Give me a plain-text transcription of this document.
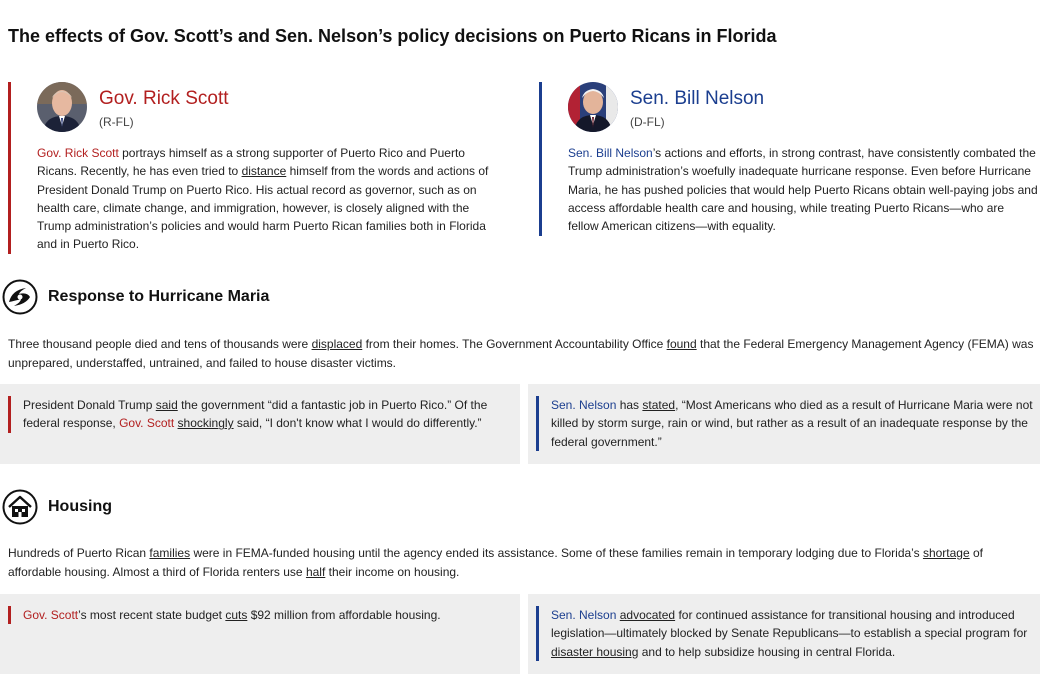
The effects of Gov. Scott’s and Sen. Nelson’s policy decisions on Puerto Ricans in Florida
Gov. Rick Scott
(R-FL)

Gov. Rick Scott portrays himself as a strong supporter of Puerto Rico and Puerto Ricans. Recently, he has even tried to distance himself from the words and actions of President Donald Trump on Puerto Rico. His actual record as governor, such as on health care, climate change, and immigration, however, is closely aligned with the Trump administration’s policies and would harm Puerto Rican families both in Florida and in Puerto Rico.

Sen. Bill Nelson
(D-FL)

Sen. Bill Nelson’s actions and efforts, in strong contrast, have consistently combated the Trump administration’s woefully inadequate hurricane response. Even before Hurricane Maria, he has pushed policies that would help Puerto Ricans obtain well-paying jobs and access affordable health care and housing, while treating Puerto Ricans—who are fellow American citizens—with equality.

Response to Hurricane Maria

Three thousand people died and tens of thousands were displaced from their homes. The Government Accountability Office found that the Federal Emergency Management Agency (FEMA) was unprepared, understaffed, untrained, and failed to house disaster victims.

President Donald Trump said the government “did a fantastic job in Puerto Rico.” Of the federal response, Gov. Scott shockingly said, “I don't know what I would do differently.”

Sen. Nelson has stated, “Most Americans who died as a result of Hurricane Maria were not killed by storm surge, rain or wind, but rather as a result of an inadequate response by the federal government.”

Housing

Hundreds of Puerto Rican families were in FEMA-funded housing until the agency ended its assistance. Some of these families remain in temporary lodging due to Florida’s shortage of affordable housing. Almost a third of Florida renters use half their income on housing.

Gov. Scott’s most recent state budget cuts $92 million from affordable housing.	Sen. Nelson advocated for continued assistance for transitional housing and introduced legislation—ultimately blocked by Senate Republicans—to establish a special program for disaster housing and to help subsidize housing in central Florida.
